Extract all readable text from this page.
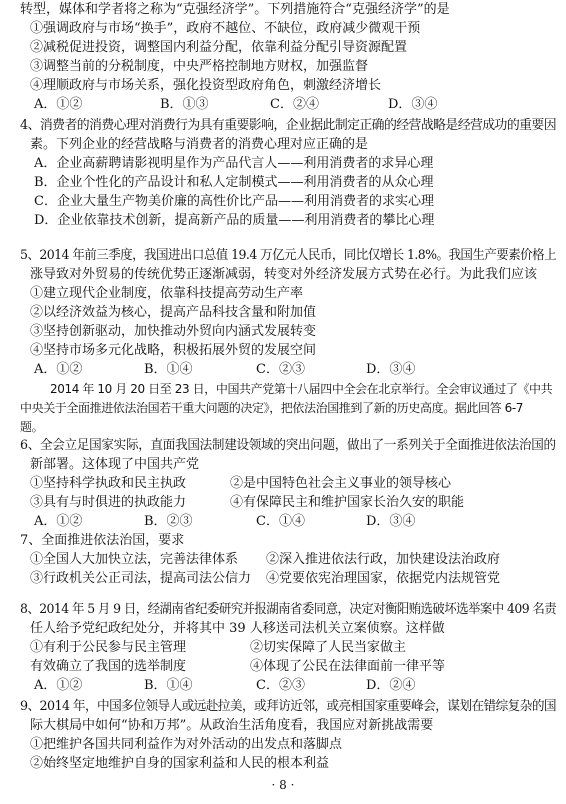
转型，媒体和学者将之称为“克强经济学”。下列措施符合“克强经济学”的是
①强调政府与市场“换手”，政府不越位、不缺位，政府减少微观干预
②减税促进投资，调整国内利益分配，依靠利益分配引导资源配置
③调整当前的分税制度，中央严格控制地方财权，加强监督
④理顺政府与市场关系，强化投资型政府角色，刺激经济增长
A．①②	B．①③	C．②④	D．③④
4、消费者的消费心理对消费行为具有重要影响，企业据此制定正确的经营战略是经营成功的重要因
素。下列企业的经营战略与消费者的消费心理对应正确的是
A．企业高薪聘请影视明星作为产品代言人——利用消费者的求异心理
B．企业个性化的产品设计和私人定制模式——利用消费者的从众心理
C．企业大量生产物美价廉的高性价比产品——利用消费者的求实心理
D．企业依靠技术创新，提高新产品的质量——利用消费者的攀比心理
5、2014 年前三季度，我国进出口总值 19.4 万亿元人民币，同比仅增长 1.8%。我国生产要素价格上
涨导致对外贸易的传统优势正逐渐减弱，转变对外经济发展方式势在必行。为此我们应该
①建立现代企业制度，依靠科技提高劳动生产率
②以经济效益为核心，提高产品科技含量和附加值
③坚持创新驱动，加快推动外贸向内涵式发展转变
④坚持市场多元化战略，积极拓展外贸的发展空间
A．①②	B．①④	C．②③	D．③④
2014 年 10 月 20 日至 23 日，中国共产党第十八届四中全会在北京举行。全会审议通过了《中共
中央关于全面推进依法治国若干重大问题的决定》，把依法治国推到了新的历史高度。据此回答 6-7
题。
6、全会立足国家实际，直面我国法制建设领域的突出问题，做出了一系列关于全面推进依法治国的
新部署。这体现了中国共产党
①坚持科学执政和民主执政	②是中国特色社会主义事业的领导核心
③具有与时俱进的执政能力	④有保障民主和维护国家长治久安的职能
A．①②	B．②③	C．①④	D．③④
7、全面推进依法治国，要求
①全国人大加快立法，完善法律体系 ②深入推进依法行政，加快建设法治政府
③行政机关公正司法，提高司法公信力 ④党要依宪治理国家，依据党内法规管党
8、2014 年 5 月 9 日，经湖南省纪委研究并报湖南省委同意，决定对衡阳贿选破坏选举案中 409 名责
任人给予党纪政纪处分，并将其中 39 人移送司法机关立案侦察。这样做
①有利于公民参与民主管理	②切实保障了人民当家做主
有效确立了我国的选举制度	④体现了公民在法律面前一律平等
A．①②	B．①④	C．②③	D．②④
9、2014 年，中国多位领导人或远赴拉美，或拜访近邻，或亮相国家重要峰会，谋划在错综复杂的国
际大棋局中如何“协和万邦”。从政治生活角度看，我国应对新挑战需要
①把维护各国共同利益作为对外活动的出发点和落脚点
②始终坚定地维护自身的国家利益和人民的根本利益
· 8 ·
